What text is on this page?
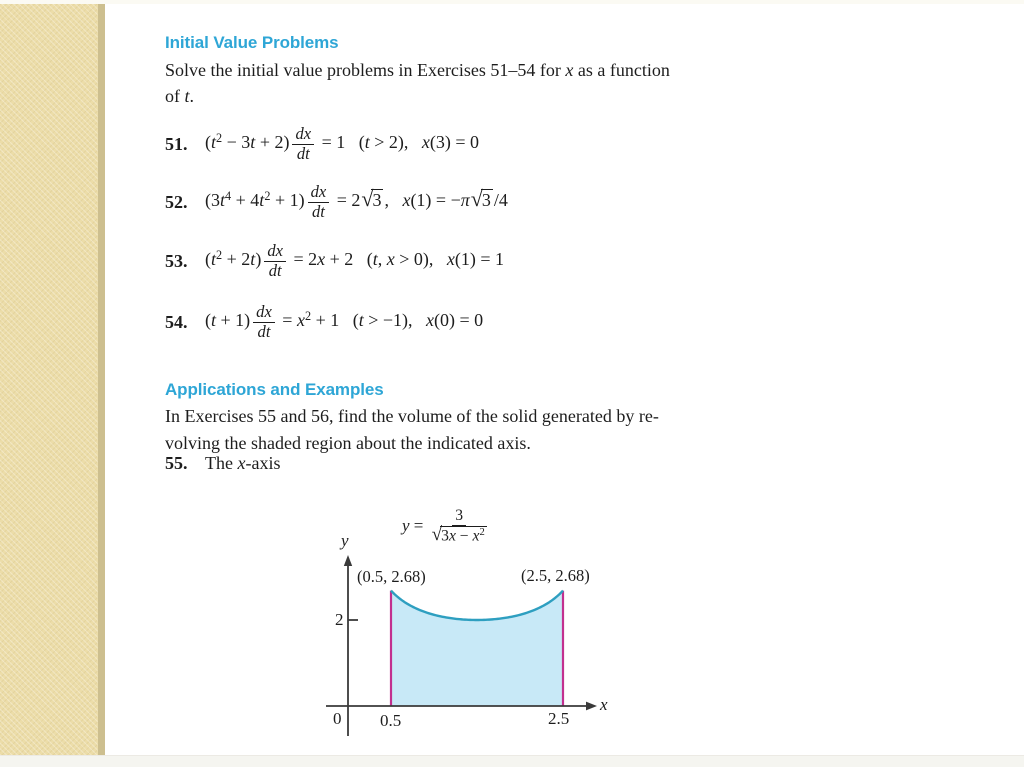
Initial Value Problems
Solve the initial value problems in Exercises 51–54 for x as a function
of t.
51. $(t^2 - 3t + 2) \frac{dx}{dt} = 1$   (t > 2),   x(3) = 0
52. $(3t^4 + 4t^2 + 1) \frac{dx}{dt} = 2$ √ 3 ,   x(1) = −π √ 3 /4
53. $(t^2 + 2t) \frac{dx}{dt} = 2x + 2$   (t, x > 0),   x(1) = 1
54. $(t + 1) \frac{dx}{dt} = x^2 + 1$   (t > −1),   x(0) = 0
Applications and Examples
In Exercises 55 and 56, find the volume of the solid generated by re-
volving the shaded region about the indicated axis.
55. The x-axis
$y = \frac{3}{√ 3x - x^2}$
y
x
(0.5, 2.68)	(2.5, 2.68)
2
0 0.5	2.5
